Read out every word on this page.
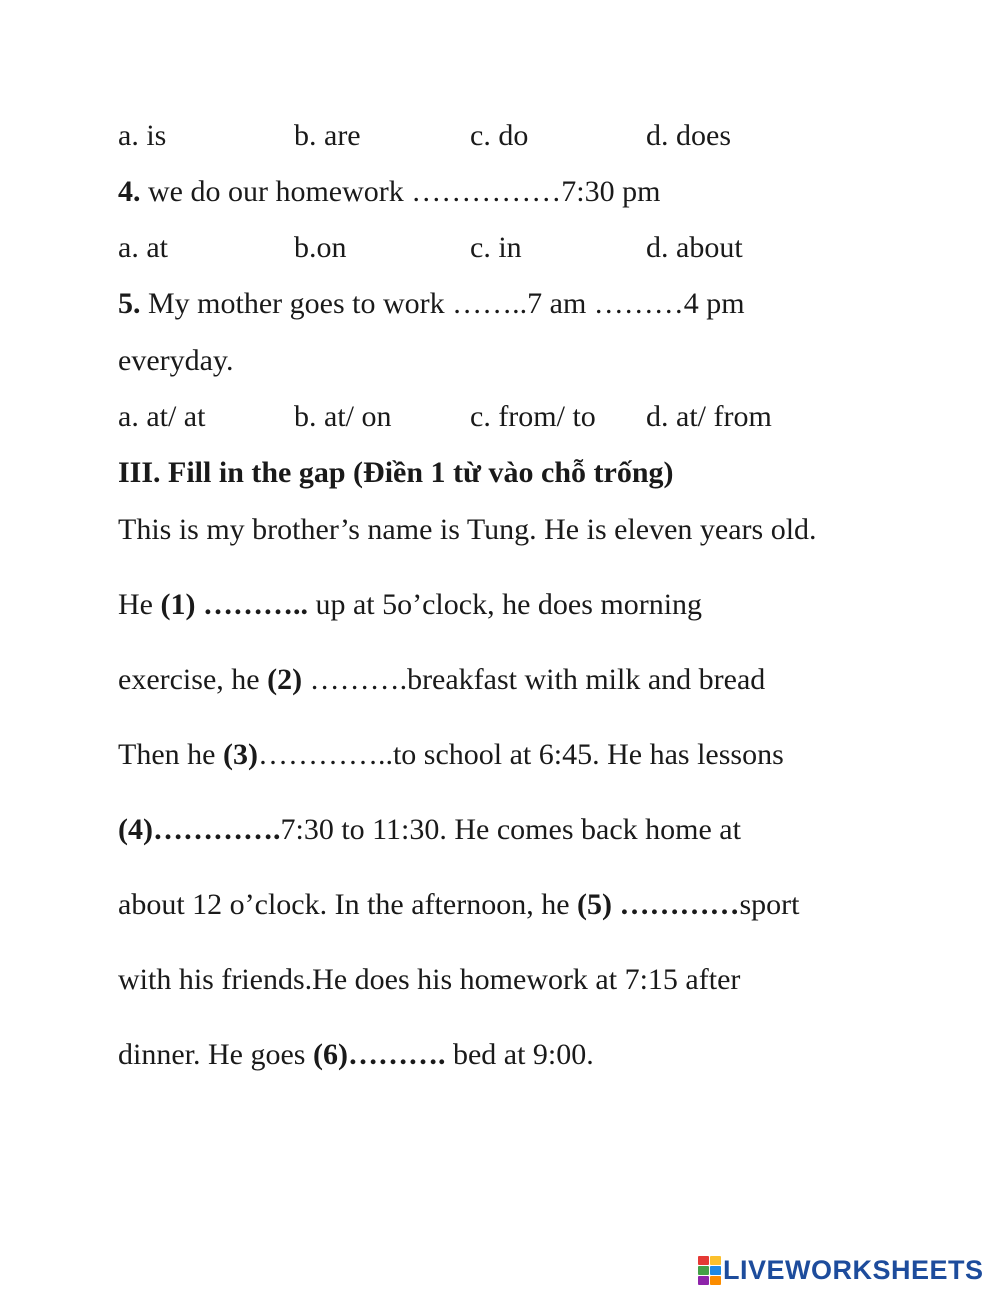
a. is	b. are	c. do	d. does
4. we do our homework ……………7:30 pm
a. at	b.on	c. in	d. about
5. My mother goes to work ……..7 am ………4 pm
everyday.
a. at/ at	b. at/ on	c. from/ to d. at/ from
III. Fill in the gap (Điền 1 từ vào chỗ trống)
This is my brother’s name is Tung. He is eleven years old.
He (1) ……….. up at 5o’clock, he does morning
exercise, he (2) ……….breakfast with milk and bread
Then he (3)…………..to school at 6:45. He has lessons
(4)………….7:30 to 11:30. He comes back home at
about 12 o’clock. In the afternoon, he (5) …………sport
with his friends.He does his homework at 7:15 after
dinner. He goes (6)………. bed at 9:00.
LIVEWORKSHEETS
